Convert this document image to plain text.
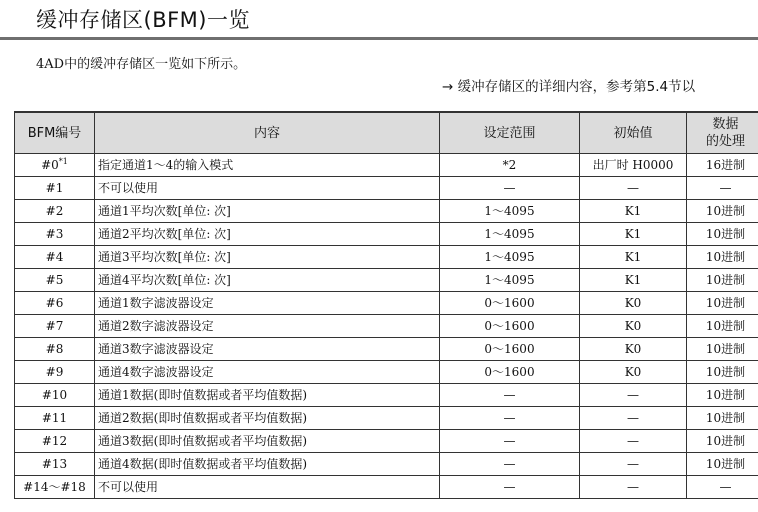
缓冲存储区(BFM)一览
4AD中的缓冲存储区一览如下所示。
→ 缓冲存储区的详细内容，参考第5.4节以
BFM编号	内容	设定范围	初始值	数据
的处理

#0$^{*1}$	指定通道1～4的输入模式	*2	出厂时 H0000	16进制
#1	不可以使用	—	—	—
#2	通道1平均次数[单位: 次]	1～4095	K1	10进制
#3	通道2平均次数[单位: 次]	1～4095	K1	10进制
#4	通道3平均次数[单位: 次]	1～4095	K1	10进制
#5	通道4平均次数[单位: 次]	1～4095	K1	10进制
#6	通道1数字滤波器设定	0～1600	K0	10进制
#7	通道2数字滤波器设定	0～1600	K0	10进制
#8	通道3数字滤波器设定	0～1600	K0	10进制
#9	通道4数字滤波器设定	0～1600	K0	10进制
#10	通道1数据(即时值数据或者平均值数据)	—	—	10进制
#11	通道2数据(即时值数据或者平均值数据)	—	—	10进制
#12	通道3数据(即时值数据或者平均值数据)	—	—	10进制
#13	通道4数据(即时值数据或者平均值数据)	—	—	10进制
#14～#18	不可以使用	—	—	—
